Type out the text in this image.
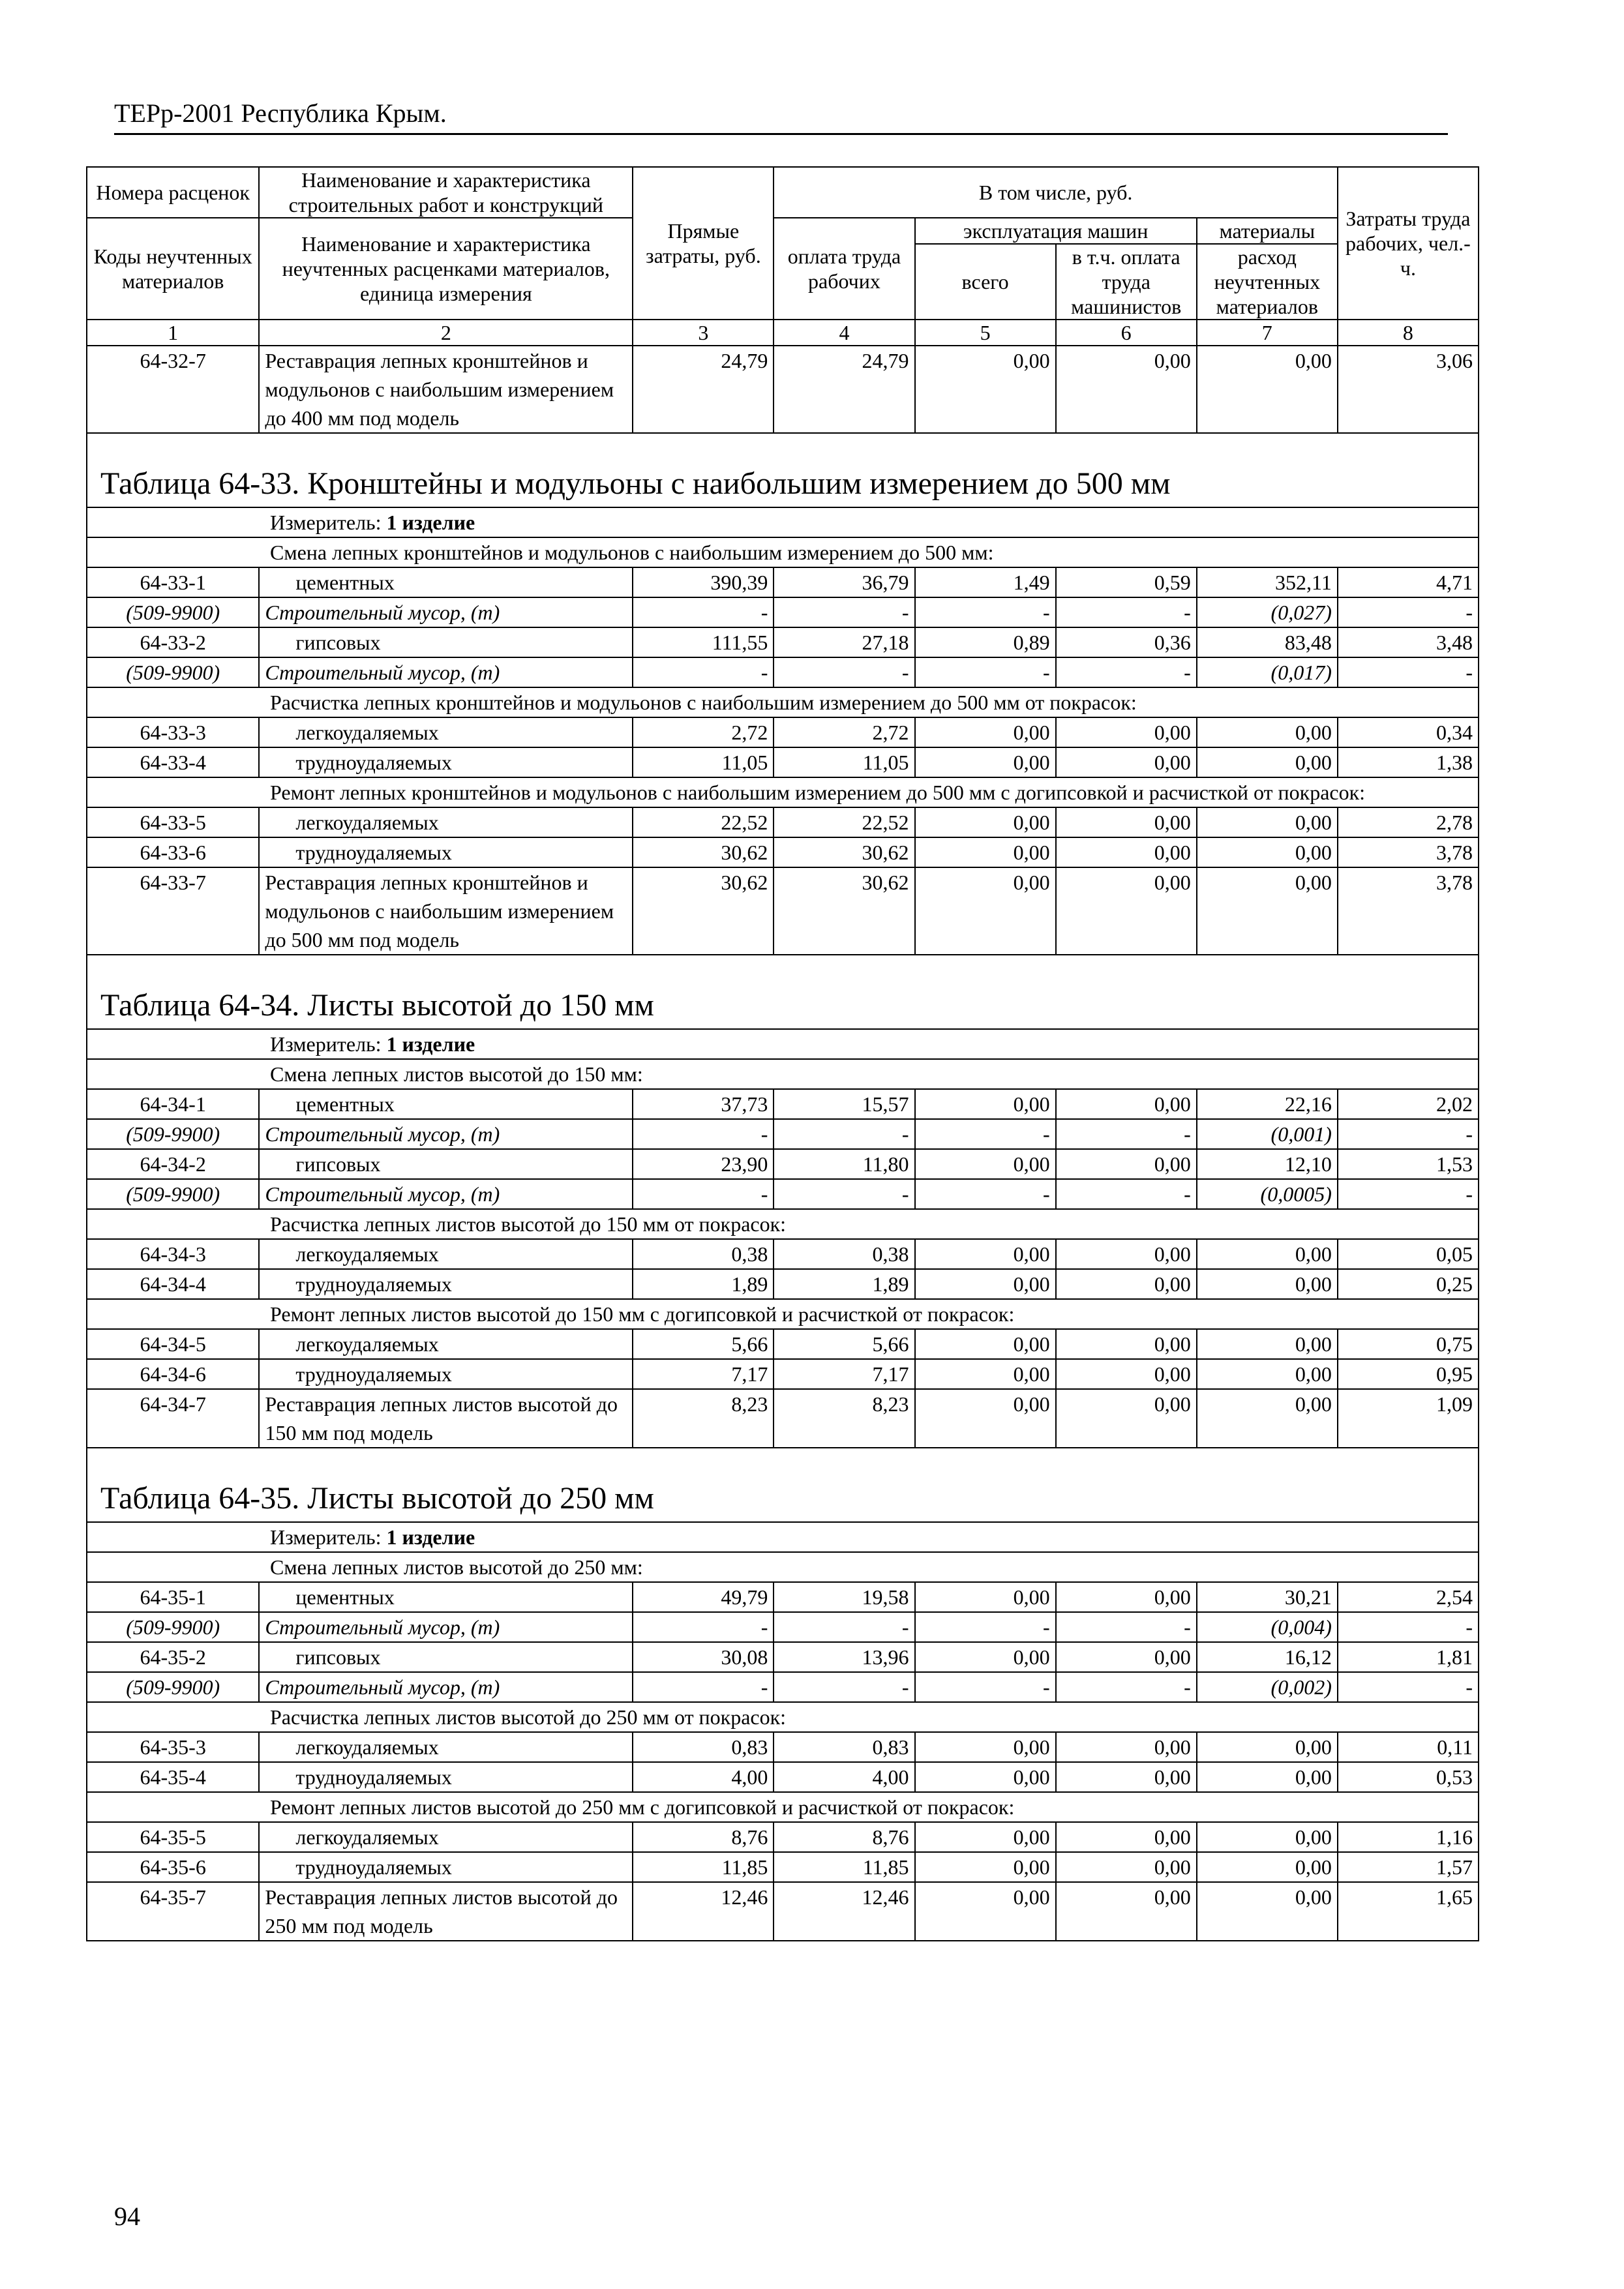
ТЕРр-2001 Республика Крым.
Номера расценок	Наименование и характеристика строительных работ и конструкций	Прямые затраты, руб.	В том числе, руб.				Затраты труда рабочих, чел.-ч.
Коды неучтенных материалов	Наименование и характеристика неучтенных расценками материалов, единица измерения		оплата труда рабочих	эксплуатация машин		материалы	
				всего	в т.ч. оплата труда машинистов	расход неучтенных материалов	
1	2	3	4	5	6	7	8
64-32-7	Реставрация лепных кронштейнов и модульонов с наибольшим измерением до 400 мм под модель	24,79	24,79	0,00	0,00	0,00	3,06
Таблица 64-33. Кронштейны и модульоны с наибольшим измерением до 500 мм							
Измеритель: 1 изделие							
Смена лепных кронштейнов и модульонов с наибольшим измерением до 500 мм:							
64-33-1	цементных	390,39	36,79	1,49	0,59	352,11	4,71
(509-9900)	Строительный мусор, (т)	-	-	-	-	(0,027)	-
64-33-2	гипсовых	111,55	27,18	0,89	0,36	83,48	3,48
(509-9900)	Строительный мусор, (т)	-	-	-	-	(0,017)	-
Расчистка лепных кронштейнов и модульонов с наибольшим измерением до 500 мм от покрасок:							
64-33-3	легкоудаляемых	2,72	2,72	0,00	0,00	0,00	0,34
64-33-4	трудноудаляемых	11,05	11,05	0,00	0,00	0,00	1,38
Ремонт лепных кронштейнов и модульонов с наибольшим измерением до 500 мм с догипсовкой и расчисткой от покрасок:							
64-33-5	легкоудаляемых	22,52	22,52	0,00	0,00	0,00	2,78
64-33-6	трудноудаляемых	30,62	30,62	0,00	0,00	0,00	3,78
64-33-7	Реставрация лепных кронштейнов и модульонов с наибольшим измерением до 500 мм под модель	30,62	30,62	0,00	0,00	0,00	3,78
Таблица 64-34. Листы высотой до 150 мм							
Измеритель: 1 изделие							
Смена лепных листов высотой до 150 мм:							
64-34-1	цементных	37,73	15,57	0,00	0,00	22,16	2,02
(509-9900)	Строительный мусор, (т)	-	-	-	-	(0,001)	-
64-34-2	гипсовых	23,90	11,80	0,00	0,00	12,10	1,53
(509-9900)	Строительный мусор, (т)	-	-	-	-	(0,0005)	-
Расчистка лепных листов высотой до 150 мм от покрасок:							
64-34-3	легкоудаляемых	0,38	0,38	0,00	0,00	0,00	0,05
64-34-4	трудноудаляемых	1,89	1,89	0,00	0,00	0,00	0,25
Ремонт лепных листов высотой до 150 мм с догипсовкой и расчисткой от покрасок:							
64-34-5	легкоудаляемых	5,66	5,66	0,00	0,00	0,00	0,75
64-34-6	трудноудаляемых	7,17	7,17	0,00	0,00	0,00	0,95
64-34-7	Реставрация лепных листов высотой до 150 мм под модель	8,23	8,23	0,00	0,00	0,00	1,09
Таблица 64-35. Листы высотой до 250 мм							
Измеритель: 1 изделие							
Смена лепных листов высотой до 250 мм:							
64-35-1	цементных	49,79	19,58	0,00	0,00	30,21	2,54
(509-9900)	Строительный мусор, (т)	-	-	-	-	(0,004)	-
64-35-2	гипсовых	30,08	13,96	0,00	0,00	16,12	1,81
(509-9900)	Строительный мусор, (т)	-	-	-	-	(0,002)	-
Расчистка лепных листов высотой до 250 мм от покрасок:							
64-35-3	легкоудаляемых	0,83	0,83	0,00	0,00	0,00	0,11
64-35-4	трудноудаляемых	4,00	4,00	0,00	0,00	0,00	0,53
Ремонт лепных листов высотой до 250 мм с догипсовкой и расчисткой от покрасок:							
64-35-5	легкоудаляемых	8,76	8,76	0,00	0,00	0,00	1,16
64-35-6	трудноудаляемых	11,85	11,85	0,00	0,00	0,00	1,57
64-35-7	Реставрация лепных листов высотой до 250 мм под модель	12,46	12,46	0,00	0,00	0,00	1,65
94
